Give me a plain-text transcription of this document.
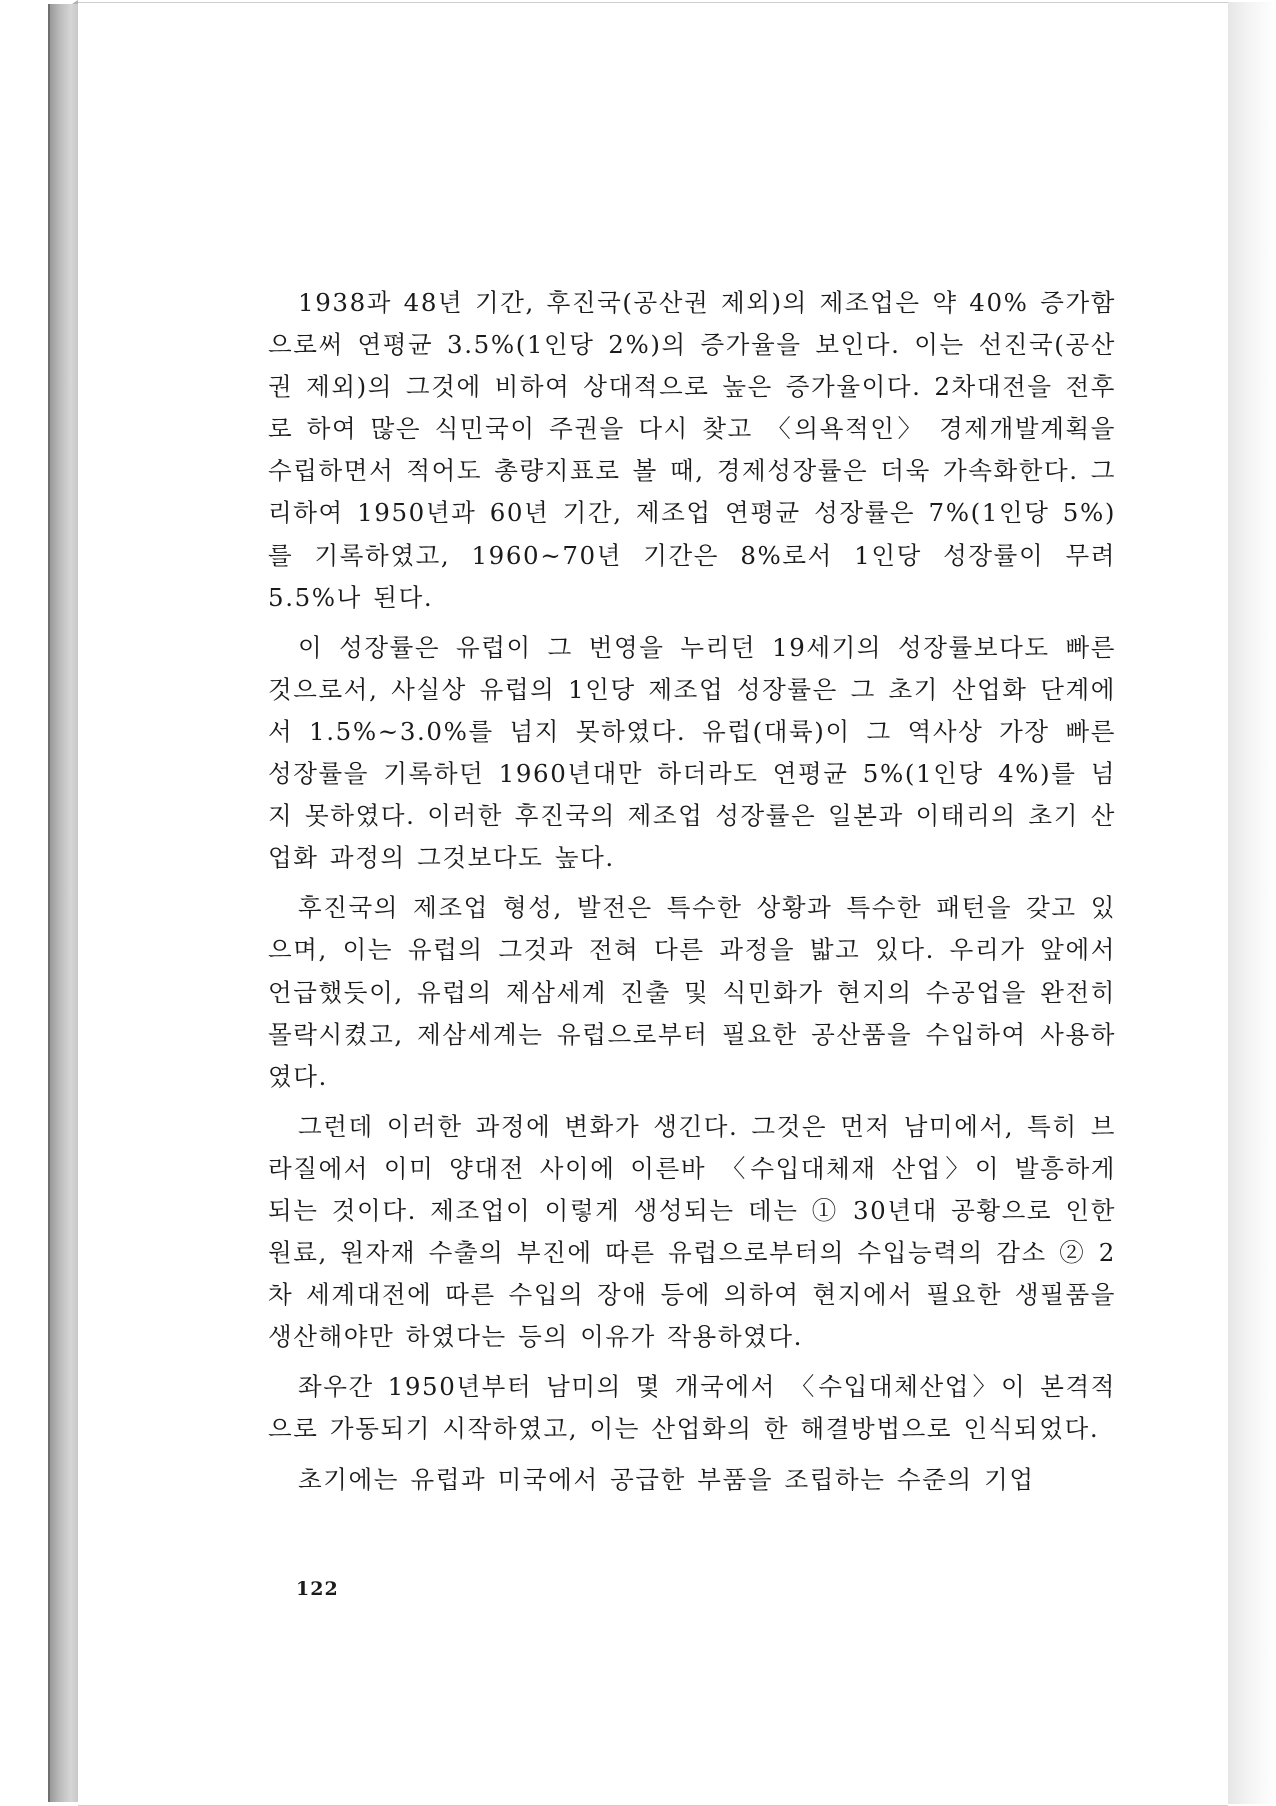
1938과 48년 기간, 후진국(공산권 제외)의 제조업은 약 40% 증가함으로써 연평균 3.5%(1인당 2%)의 증가율을 보인다. 이는 선진국(공산권 제외)의 그것에 비하여 상대적으로 높은 증가율이다. 2차대전을 전후로 하여 많은 식민국이 주권을 다시 찾고 〈의욕적인〉 경제개발계획을 수립하면서 적어도 총량지표로 볼 때, 경제성장률은 더욱 가속화한다. 그리하여 1950년과 60년 기간, 제조업 연평균 성장률은 7%(1인당 5%)를 기록하였고, 1960~70년 기간은 8%로서 1인당 성장률이 무려 5.5%나 된다.

이 성장률은 유럽이 그 번영을 누리던 19세기의 성장률보다도 빠른 것으로서, 사실상 유럽의 1인당 제조업 성장률은 그 초기 산업화 단계에서 1.5%~3.0%를 넘지 못하였다. 유럽(대륙)이 그 역사상 가장 빠른 성장률을 기록하던 1960년대만 하더라도 연평균 5%(1인당 4%)를 넘지 못하였다. 이러한 후진국의 제조업 성장률은 일본과 이태리의 초기 산업화 과정의 그것보다도 높다.

후진국의 제조업 형성, 발전은 특수한 상황과 특수한 패턴을 갖고 있으며, 이는 유럽의 그것과 전혀 다른 과정을 밟고 있다. 우리가 앞에서 언급했듯이, 유럽의 제삼세계 진출 및 식민화가 현지의 수공업을 완전히 몰락시켰고, 제삼세계는 유럽으로부터 필요한 공산품을 수입하여 사용하였다.

그런데 이러한 과정에 변화가 생긴다. 그것은 먼저 남미에서, 특히 브라질에서 이미 양대전 사이에 이른바 〈수입대체재 산업〉이 발흥하게 되는 것이다. 제조업이 이렇게 생성되는 데는 ① 30년대 공황으로 인한 원료, 원자재 수출의 부진에 따른 유럽으로부터의 수입능력의 감소 ② 2차 세계대전에 따른 수입의 장애 등에 의하여 현지에서 필요한 생필품을 생산해야만 하였다는 등의 이유가 작용하였다.

좌우간 1950년부터 남미의 몇 개국에서 〈수입대체산업〉이 본격적으로 가동되기 시작하였고, 이는 산업화의 한 해결방법으로 인식되었다.

초기에는 유럽과 미국에서 공급한 부품을 조립하는 수준의 기업

122
